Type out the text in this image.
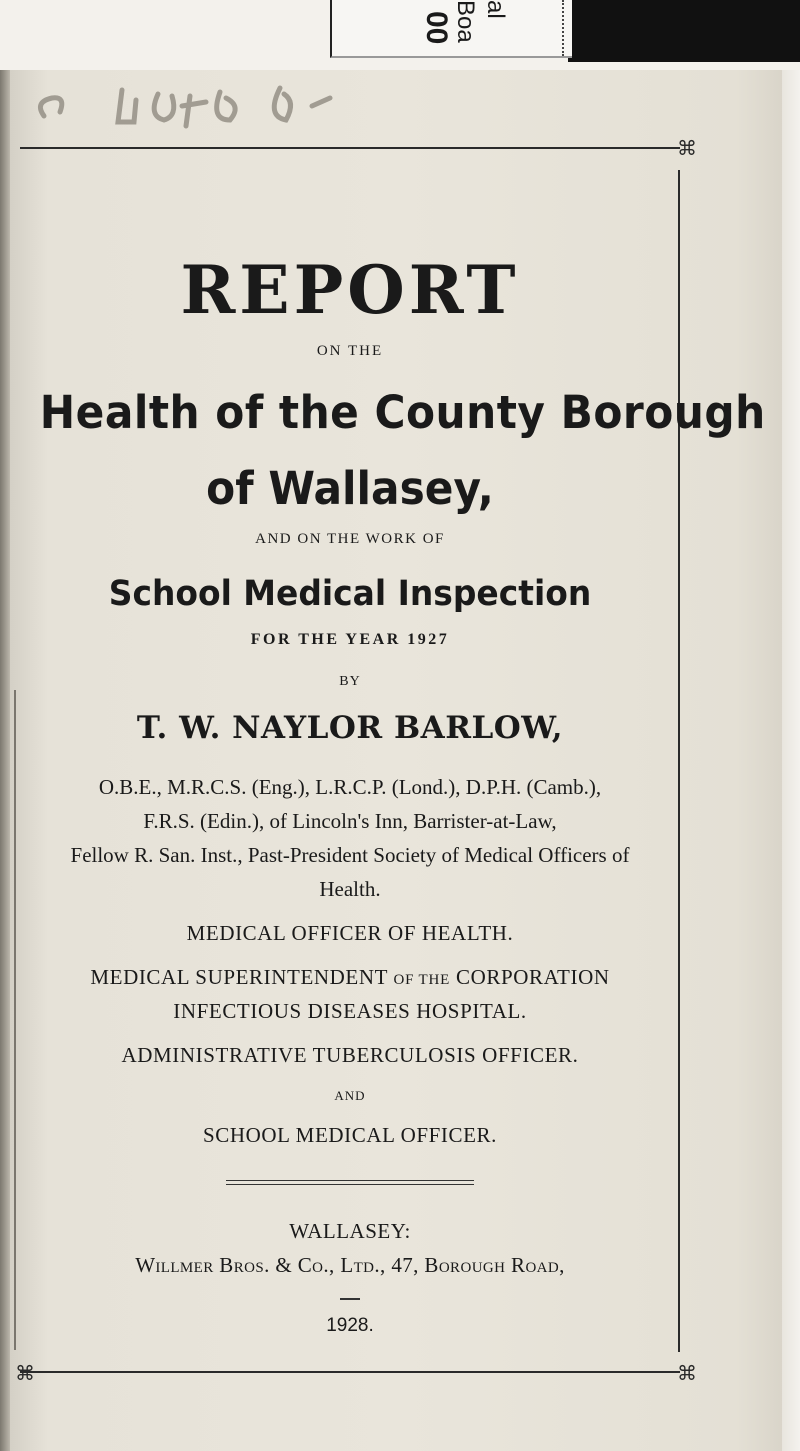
00
al Boa
⌘
⌘
⌘
REPORT
ON THE
Health of the County Borough
of Wallasey,
AND ON THE WORK OF
School Medical Inspection
FOR THE YEAR 1927
BY
T. W. NAYLOR BARLOW,
O.B.E., M.R.C.S. (Eng.), L.R.C.P. (Lond.), D.P.H. (Camb.),
F.R.S. (Edin.), of Lincoln's Inn, Barrister-at-Law,
Fellow R. San. Inst., Past-President Society of Medical Officers of
Health.
MEDICAL OFFICER OF HEALTH.
MEDICAL SUPERINTENDENT OF THE CORPORATION
INFECTIOUS DISEASES HOSPITAL.
ADMINISTRATIVE TUBERCULOSIS OFFICER.
AND
SCHOOL MEDICAL OFFICER.
WALLASEY:
Willmer Bros. & Co., Ltd., 47, Borough Road,
1928.
